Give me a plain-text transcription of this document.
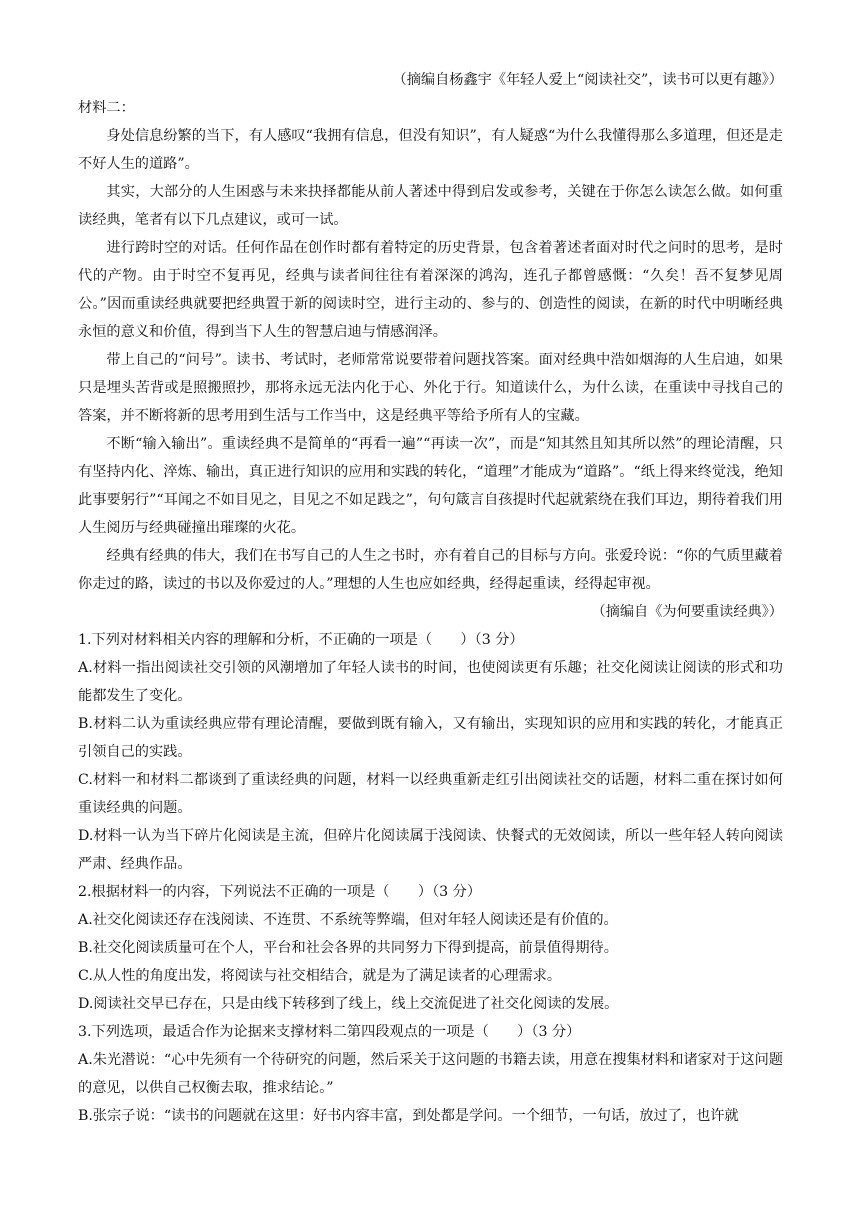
（摘编自杨鑫宇《年轻人爱上“阅读社交”，读书可以更有趣》）
材料二：

身处信息纷繁的当下，有人感叹“我拥有信息，但没有知识”，有人疑惑“为什么我懂得那么多道理，但还是走不好人生的道路”。

其实，大部分的人生困惑与未来抉择都能从前人著述中得到启发或参考，关键在于你怎么读怎么做。如何重读经典，笔者有以下几点建议，或可一试。

进行跨时空的对话。任何作品在创作时都有着特定的历史背景，包含着著述者面对时代之问时的思考，是时代的产物。由于时空不复再见，经典与读者间往往有着深深的鸿沟，连孔子都曾感慨：“久矣！吾不复梦见周公。”因而重读经典就要把经典置于新的阅读时空，进行主动的、参与的、创造性的阅读，在新的时代中明晰经典永恒的意义和价值，得到当下人生的智慧启迪与情感润泽。

带上自己的“问号”。读书、考试时，老师常常说要带着问题找答案。面对经典中浩如烟海的人生启迪，如果只是埋头苦背或是照搬照抄，那将永远无法内化于心、外化于行。知道读什么，为什么读，在重读中寻找自己的答案，并不断将新的思考用到生活与工作当中，这是经典平等给予所有人的宝藏。

不断“输入输出”。重读经典不是简单的“再看一遍”“再读一次”，而是“知其然且知其所以然”的理论清醒，只有坚持内化、淬炼、输出，真正进行知识的应用和实践的转化，“道理”才能成为“道路”。“纸上得来终觉浅，绝知此事要躬行”“耳闻之不如目见之，目见之不如足践之”，句句箴言自孩提时代起就萦绕在我们耳边，期待着我们用人生阅历与经典碰撞出璀璨的火花。

经典有经典的伟大，我们在书写自己的人生之书时，亦有着自己的目标与方向。张爱玲说：“你的气质里藏着你走过的路，读过的书以及你爱过的人。”理想的人生也应如经典，经得起重读，经得起审视。

（摘编自《为何要重读经典》）
1.下列对材料相关内容的理解和分析，不正确的一项是（　　）（3 分）
A.材料一指出阅读社交引领的风潮增加了年轻人读书的时间，也使阅读更有乐趣；社交化阅读让阅读的形式和功能都发生了变化。
B.材料二认为重读经典应带有理论清醒，要做到既有输入，又有输出，实现知识的应用和实践的转化，才能真正引领自己的实践。
C.材料一和材料二都谈到了重读经典的问题，材料一以经典重新走红引出阅读社交的话题，材料二重在探讨如何重读经典的问题。
D.材料一认为当下碎片化阅读是主流，但碎片化阅读属于浅阅读、快餐式的无效阅读，所以一些年轻人转向阅读严肃、经典作品。
2.根据材料一的内容，下列说法不正确的一项是（　　）（3 分）
A.社交化阅读还存在浅阅读、不连贯、不系统等弊端，但对年轻人阅读还是有价值的。
B.社交化阅读质量可在个人，平台和社会各界的共同努力下得到提高，前景值得期待。
C.从人性的角度出发，将阅读与社交相结合，就是为了满足读者的心理需求。
D.阅读社交早已存在，只是由线下转移到了线上，线上交流促进了社交化阅读的发展。
3.下列选项，最适合作为论据来支撑材料二第四段观点的一项是（　　）（3 分）
A.朱光潜说：“心中先须有一个待研究的问题，然后采关于这问题的书籍去读，用意在搜集材料和诸家对于这问题的意见，以供自己权衡去取，推求结论。”
B.张宗子说：“读书的问题就在这里：好书内容丰富，到处都是学问。一个细节，一句话，放过了，也许就
